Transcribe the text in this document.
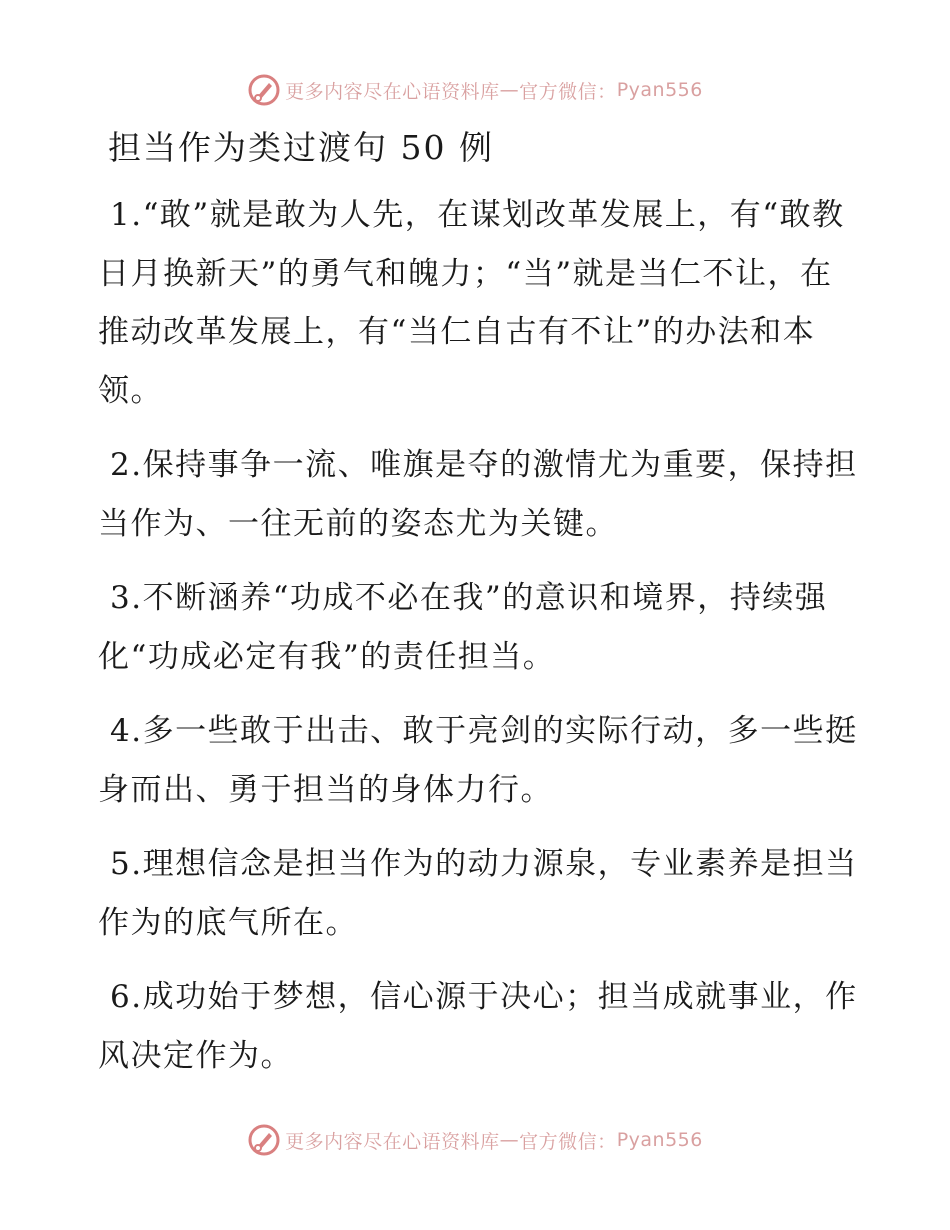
更多内容尽在心语资料库 — 官方微信： Pyan556
担当作为类过渡句 50 例

1.“敢”就是敢为人先，在谋划改革发展上，有“敢教日月换新天”的勇气和魄力；“当”就是当仁不让，在推动改革发展上，有“当仁自古有不让”的办法和本领。

2.保持事争一流、唯旗是夺的激情尤为重要，保持担当作为、一往无前的姿态尤为关键。

3.不断涵养“功成不必在我”的意识和境界，持续强化“功成必定有我”的责任担当。

4.多一些敢于出击、敢于亮剑的实际行动，多一些挺身而出、勇于担当的身体力行。

5.理想信念是担当作为的动力源泉，专业素养是担当作为的底气所在。

6.成功始于梦想，信心源于决心；担当成就事业，作风决定作为。

更多内容尽在心语资料库 — 官方微信： Pyan556
